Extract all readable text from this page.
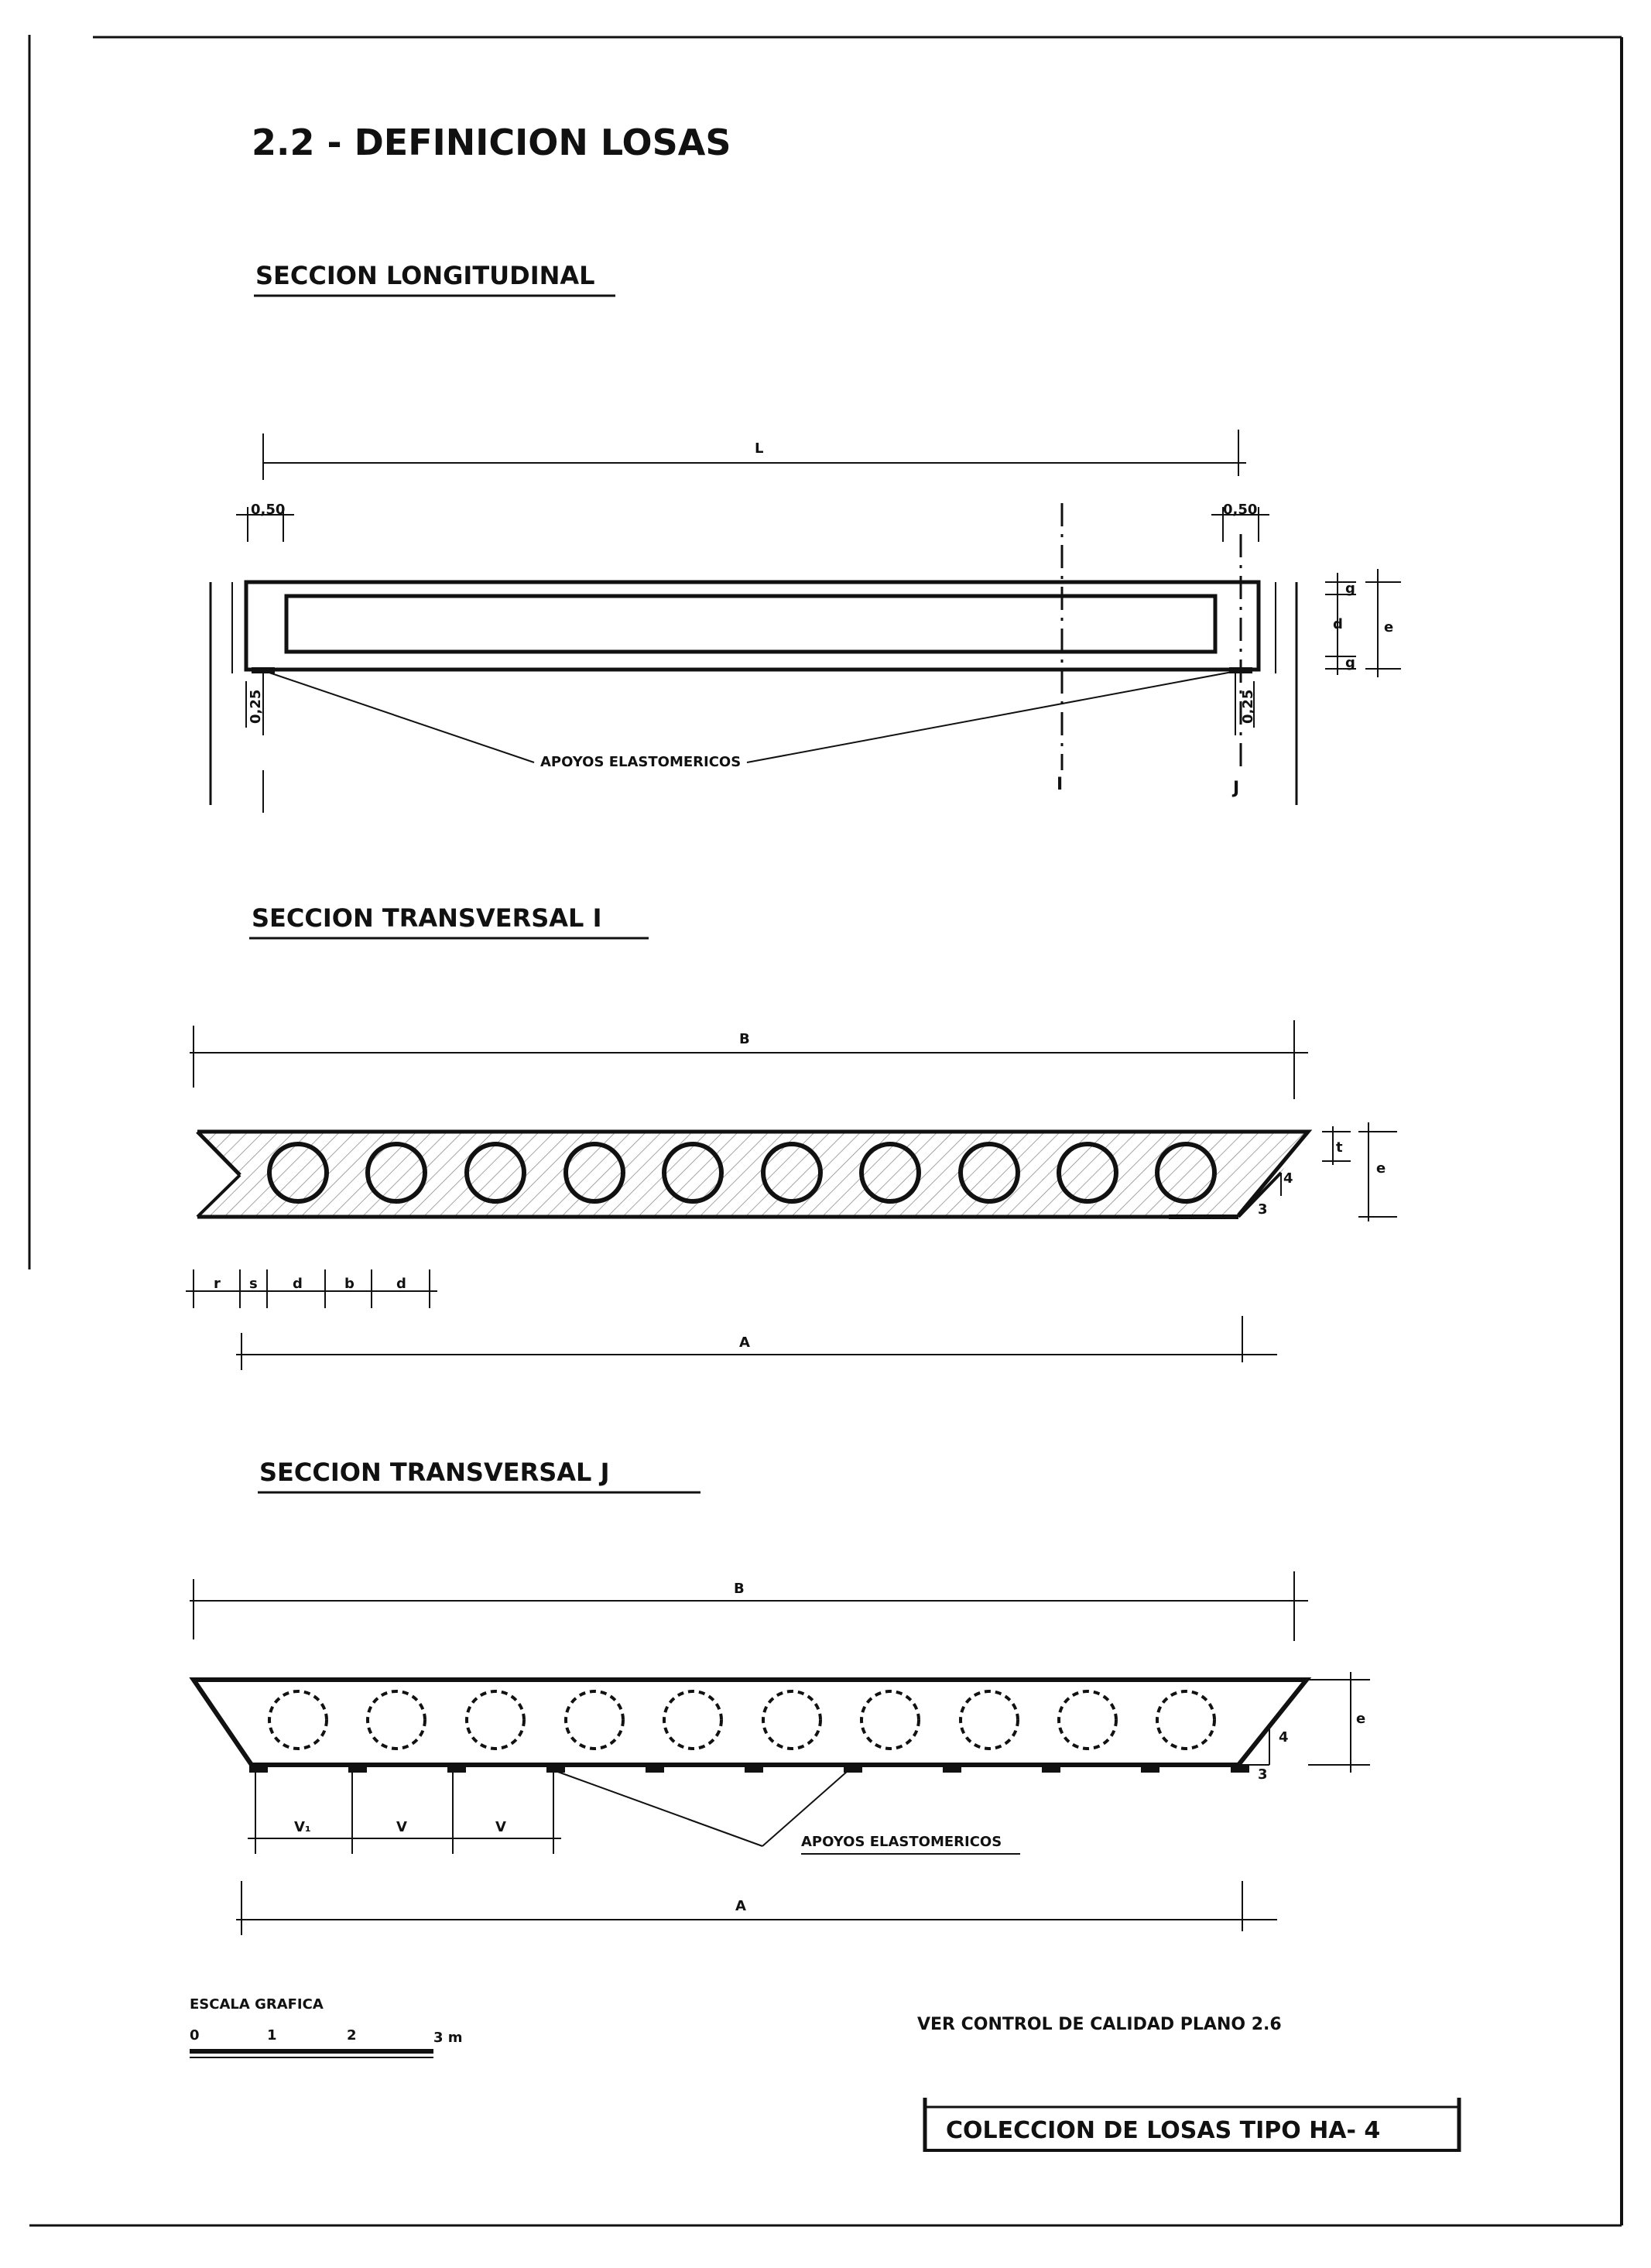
2.2 - DEFINICION LOSAS
SECCION LONGITUDINAL
L
0,50	0,50
0,25	0,25
APOYOS ELASTOMERICOS
I	J
g
d
g
e
SECCION TRANSVERSAL I
B
4
3
t
e
r s	d	b	d
A
SECCION TRANSVERSAL J
B
4
3
e
V₁	V	V
APOYOS ELASTOMERICOS
A
ESCALA GRAFICA
0	1	2	3 m
VER CONTROL DE CALIDAD PLANO 2.6
COLECCION DE LOSAS TIPO HA- 4
